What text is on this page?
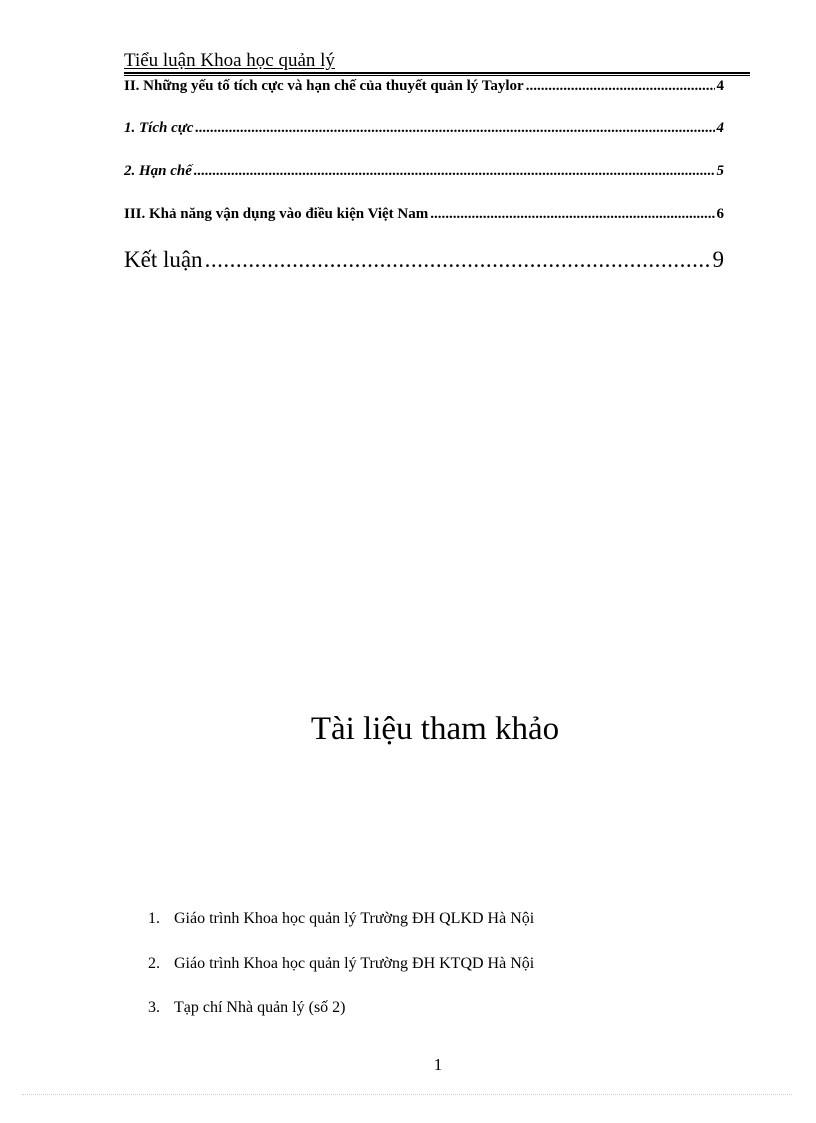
Tiểu luận Khoa học quản lý
II. Những yếu tố tích cực và hạn chế của thuyết quản lý Taylor .....	4
1. Tích cực .....	4
2. Hạn chế .....	5
III. Khả năng vận dụng vào điều kiện Việt Nam .....	6
Kết luận .....	9
Tài liệu tham khảo
1. Giáo trình Khoa học quản lý Trường ĐH QLKD Hà Nội
2. Giáo trình Khoa học quản lý Trường ĐH KTQD Hà Nội
3. Tạp chí Nhà quản lý (số 2)
1
